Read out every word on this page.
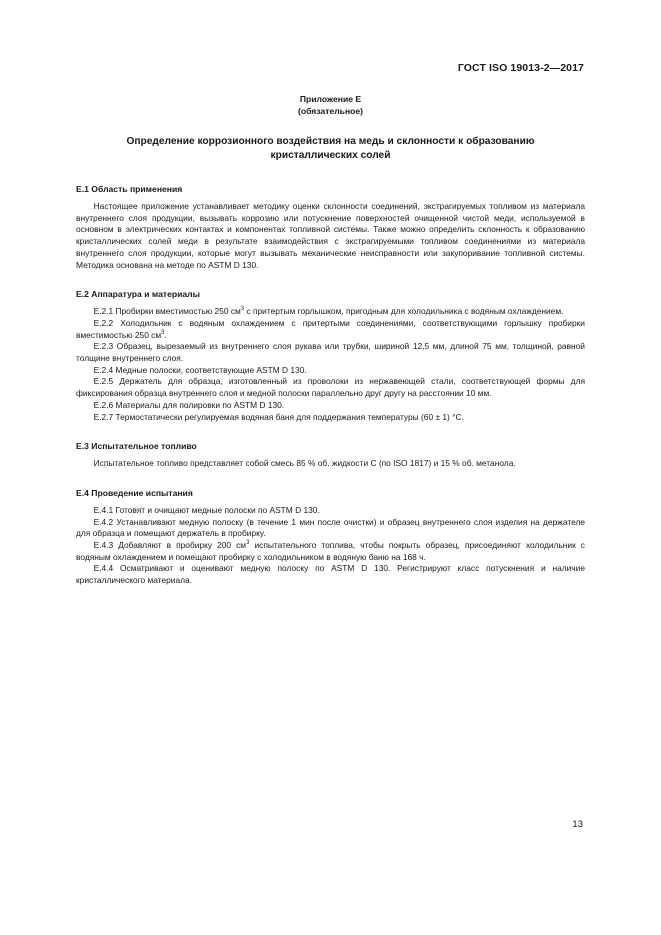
ГОСТ ISO 19013-2—2017
Приложение Е
(обязательное)
Определение коррозионного воздействия на медь и склонности к образованию
кристаллических солей
Е.1 Область применения

Настоящее приложение устанавливает методику оценки склонности соединений, экстрагируемых топливом из материала внутреннего слоя продукции, вызывать коррозию или потускнение поверхностей очищенной чистой меди, используемой в основном в электрических контактах и компонентах топливной системы. Также можно определить склонность к образованию кристаллических солей меди в результате взаимодействия с экстрагируемыми топливом соединениями из материала внутреннего слоя продукции, которые могут вызывать механические неисправности или закупоривание топливной системы. Методика основана на методе по ASTM D 130.

Е.2 Аппаратура и материалы

Е.2.1 Пробирки вместимостью 250 $см^3$ с притертым горлышком, пригодным для холодильника с водяным охлаждением.

Е.2.2 Холодильник с водяным охлаждением с притертыми соединениями, соответствующими горлышку пробирки вместимостью 250 $см^3$.

Е.2.3 Образец, вырезаемый из внутреннего слоя рукава или трубки, шириной 12,5 мм, длиной 75 мм, толщиной, равной толщине внутреннего слоя.

Е.2.4 Медные полоски, соответствующие ASTM D 130.

Е.2.5 Держатель для образца, изготовленный из проволоки из нержавеющей стали, соответствующей формы для фиксирования образца внутреннего слоя и медной полоски параллельно друг другу на расстоянии 10 мм.

Е.2.6 Материалы для полировки по ASTM D 130.

Е.2.7 Термостатически регулируемая водяная баня для поддержания температуры (60 ± 1) °С.

Е.3 Испытательное топливо

Испытательное топливо представляет собой смесь 85 % об. жидкости С (по ISO 1817) и 15 % об. метанола.

Е.4 Проведение испытания

Е.4.1 Готовят и очищают медные полоски по ASTM D 130.

Е.4.2 Устанавливают медную полоску (в течение 1 мин после очистки) и образец внутреннего слоя изделия на держателе для образца и помещают держатель в пробирку.

Е.4.3 Добавляют в пробирку 200 $см^3$ испытательного топлива, чтобы покрыть образец, присоединяют холодильник с водяным охлаждением и помещают пробирку с холодильником в водяную баню на 168 ч.

Е.4.4 Осматривают и оценивают медную полоску по ASTM D 130. Регистрируют класс потускнения и наличие кристаллического материала.

13
